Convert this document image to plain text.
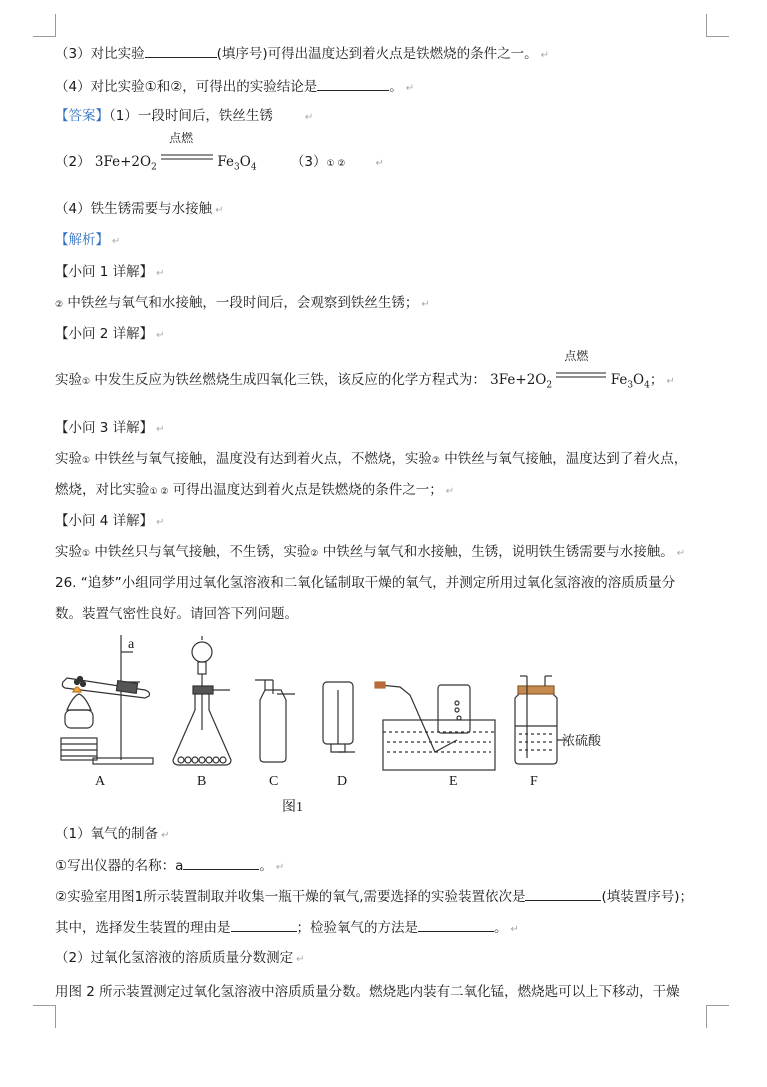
（3）对比实验	(填序号)可得出温度达到着火点是铁燃烧的条件之一。 ↵
（4）对比实验①和②，可得出的实验结论是	。 ↵
【答案】（1）一段时间后，铁丝生锈	↵
（2） $3Fe+2O_2$
点燃
$Fe_3O_4$	（3）① ②	↵
（4）铁生锈需要与水接触 ↵
【解析】 ↵
【小问 1 详解】 ↵
② 中铁丝与氧气和水接触，一段时间后，会观察到铁丝生锈； ↵
【小问 2 详解】 ↵
实验① 中发生反应为铁丝燃烧生成四氧化三铁，该反应的化学方程式为： $3Fe+2O_2$
点燃
$Fe_3O_4$； ↵
【小问 3 详解】 ↵
实验① 中铁丝与氧气接触，温度没有达到着火点，不燃烧，实验② 中铁丝与氧气接触，温度达到了着火点，
燃烧，对比实验① ② 可得出温度达到着火点是铁燃烧的条件之一； ↵
【小问 4 详解】 ↵
实验① 中铁丝只与氧气接触，不生锈，实验② 中铁丝与氧气和水接触，生锈，说明铁生锈需要与水接触。 ↵
26. “追梦”小组同学用过氧化氢溶液和二氧化锰制取干燥的氧气，并测定所用过氧化氢溶液的溶质质量分
数。装置气密性良好。请回答下列问题。
a
A	B	C	D	E	F
浓硫酸
图1
（1）氧气的制备 ↵
①写出仪器的名称：a	。 ↵
②实验室用图1所示装置制取并收集一瓶干燥的氧气,需要选择的实验装置依次是	(填装置序号)；
其中，选择发生装置的理由是	；检验氧气的方法是	。 ↵
（2）过氧化氢溶液的溶质质量分数测定 ↵
用图 2 所示装置测定过氧化氢溶液中溶质质量分数。燃烧匙内装有二氧化锰，燃烧匙可以上下移动，干燥
